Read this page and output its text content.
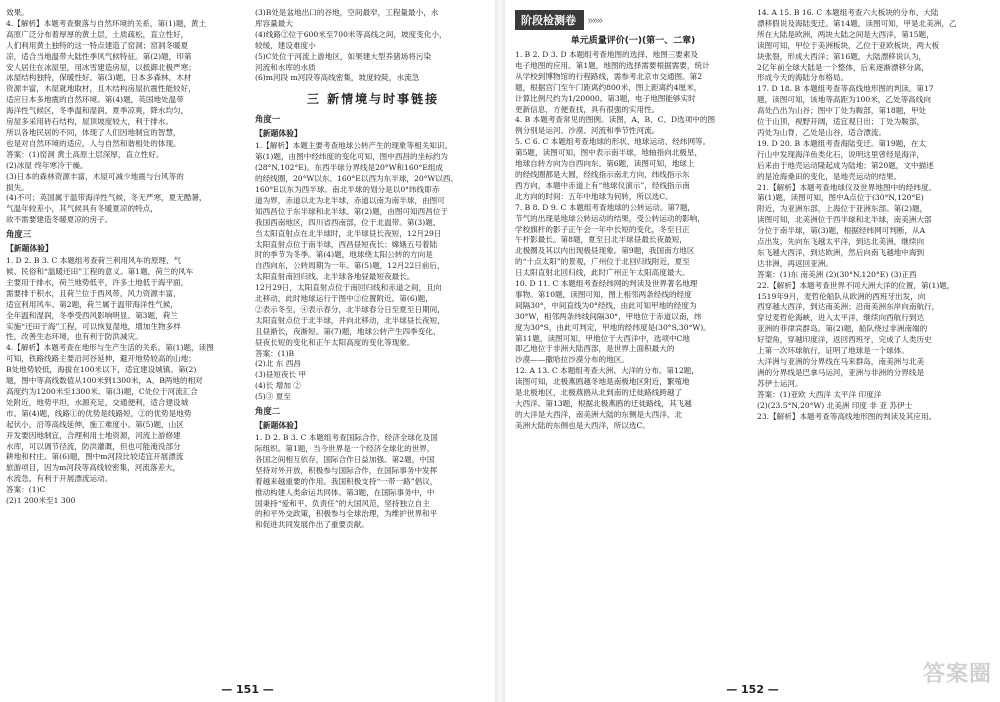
效果。
4.【解析】本题考查聚落与自然环境的关系，第(1)题，黄土
高原广泛分布着厚厚的黄土层，土质疏松，直立性好，
人们利用黄土独特的这一特点建造了窑洞；窑洞冬暖夏
凉，适合当地温带大陆性季风气候特征。第(2)题，印第
安人居住在冰屋里，用冰雪建造房屋，以抵御北极严寒；
冰屋结构独特，保暖性好。第(3)题，日本多森林，木材
资源丰富，木屋就地取材，且木结构房屋抗震性能较好，
适应日本多地震的自然环境。第(4)题，英国地处温带
海洋性气候区，冬季温和湿润，夏季凉爽，降水均匀，
房屋多采用砖石结构，屋顶坡度较大，利于排水。
所以各地民居的不同，体现了人们因地制宜的智慧，
也是对自然环境的适应，人与自然和谐相处的体现。
答案：(1)窑洞 黄土高原土层深厚，直立性好。
(2)冰屋 终年寒冷干燥。
(3)日本的森林资源丰富，木屋可减少地震与台风等的
损失。
(4)不可；英国属于温带海洋性气候，冬无严寒，夏无酷暑，
气温年较差小，其气候具有冬暖夏凉的特点，
故不需要建造冬暖夏凉的房子。
角度三
【新题体验】
1. D 2. B 3. C 本题组考查荷兰利用风车的原理、气
候、民俗和“温暖还田”工程的意义。第1题，荷兰的风车
主要用于排水，荷兰地势低平，许多土地低于海平面，
需要排干积水，且荷兰位于西风带，风力资源丰富，
适宜利用风车。第2题，荷兰属于温带海洋性气候，
全年温和湿润，冬季受西风影响明显。第3题，荷兰
实施“还田于海”工程，可以恢复湿地，增加生物多样
性，改善生态环境，也有利于防洪减灾。
4.【解析】本题考查在地形与生产生活的关系。第(1)题，读图
可知，铁路线路主要沿河谷延伸，避开地势较高的山地；
B处地势较低，海拔在100米以下，适宜建设城镇。第(2)
题，图中等高线数值从100米到1300米，A、B两地的相对
高度约为1200米至1300米。第(3)题，C处位于河流汇合
处附近，地势平坦，水源充足，交通便利，适合建设城
市。第(4)题，线路①的优势是线路短，②的优势是地势
起伏小，沿等高线延伸，施工难度小。第(5)题，山区
开发要因地制宜，合理利用土地资源，河流上游修建
水库，可以调节径流，防洪灌溉，但也可能淹没部分
耕地和村庄。第(6)题，图中m河段比较适宜开展漂流
旅游项目，因为m河段等高线较密集，河流落差大，
水流急，有利于开展漂流运动。
答案：(1)C
(2)1 200米至1 300
(3)B处是盆地出口的谷地，空间最窄，工程量最小，水
库容量最大
(4)线路②位于600米至700米等高线之间，坡度变化小，
较缓，建设难度小
(5)C处位于河流上游地区，如果建大型养猪场将污染
河流和水库的水质
(6)m河段 m河段等高线密集，坡度较陡，水流急
三 新情境与时事链接
角度一
【新题体验】
1.【解析】本题主要考查地球公转产生的现象等相关知识。
第(1)题，由图中经纬度的变化可知，图中西昌的坐标约为
(28°N,102°E)。东西半球分界线是20°W和160°E组成
的经线圈，20°W以东、160°E以西为东半球，20°W以西、
160°E以东为西半球。南北半球的划分是以0°纬线即赤
道为界，赤道以北为北半球，赤道以南为南半球，由图可
知西昌位于东半球和北半球。第(2)题，由图可知西昌位于
我国西南地区，四川省西南部，位于北温带。第(3)题，
当太阳直射点在北半球时，北半球昼长夜短，12月29日
太阳直射点位于南半球，西昌昼短夜长；嫦娥五号着陆
时的季节为冬季。第(4)题，地球绕太阳公转的方向是
自西向东，公转周期为一年。第(5)题，12月22日前后，
太阳直射南回归线，北半球各地昼最短夜最长。
12月29日，太阳直射点位于南回归线和赤道之间，且向
北移动，此时地球运行于图中②位置附近。第(6)题，
②表示冬至，④表示春分，北半球春分日至夏至日期间，
太阳直射点位于北半球，并向北移动，北半球昼长夜短，
且昼渐长，夜渐短。第(7)题，地球公转产生四季变化、
昼夜长短的变化和正午太阳高度的变化等现象。
答案：(1)B
(2)北 东 西昌
(3)昼短夜长 甲
(4)长 增加 ②
(5)③ 夏至
角度二
【新题体验】
1. D 2. B 3. C 本题组考查国际合作，经济全球化及国
际组织。第1题，当今世界是一个经济全球化的世界，
各国之间相互依存，国际合作日益加强。第2题，中国
坚持对外开放，积极参与国际合作，在国际事务中发挥
着越来越重要的作用。我国积极支持“一带一路”倡议，
推动构建人类命运共同体。第3题，在国际事务中，中
国秉持“爱和平、负责任”的大国风范，坚持独立自主
的和平外交政策，积极参与全球治理，为维护世界和平
和促进共同发展作出了重要贡献。
— 151 —
阶段检测卷	»»»
单元质量评价(一)(第一、二章)
1. B 2. D 3. D 本题组考查地图的选择、地图三要素及
电子地图的应用。第1题，地图的选择需要根据需要，统计
从学校到博物馆的行程路线，需参考北京市交通图。第2
题，根据宫门至午门距离约800米，图上距离约4厘米，
计算比例尺约为1/20000。第3题，电子地图能够实时
更新信息，方便查找，具有很强的实用性。
4. B 本题考查常见的图例。读图，A、B、C、D选项中的图
例分别是运河、沙漠、河流和季节性河流。
5. C 6. C 本题组考查地球的形状、地球运动、经纬网等。
第5题，读图可知，图中表示南半球，地轴指向北极星，
地球自转方向为自西向东。第6题，读图可知，地球上
的经线圈都是大圆，经线指示南北方向，纬线指示东
西方向，本题中赤道上有“地球仪演示”，经线指示南
北方向的时间：五年中地球为何转，所以选C。
7. B 8. D 9. C 本题组考查地球的公转运动。第7题，
节气的出现是地球公转运动的结果，受公转运动的影响，
学校旗杆的影子正午会一年中长短的变化，冬至日正
午杆影最长。第8题，夏至日北半球昼最长夜最短，
北极圈及其以内出现极昼现象。第9题，我国南方地区
的“十点太阳”的景观，广州位于北回归线附近，夏至
日太阳直射北回归线，此时广州正午太阳高度最大。
10. D 11. C 本题组考查经纬网的判读及世界著名地理
事物。第10题，读图可知，图上相邻两条经线的经度
间隔30°，中间直线为0°经线，由此可知甲地的经度为
30°W，相邻两条纬线间隔30°，甲地位于赤道以南，纬
度为30°S，由此可判定，甲地的经纬度是(30°S,30°W)。
第11题，读图可知，甲地位于大西洋中，选项中C地
即乙地位于非洲大陆西部，是世界上面积最大的
沙漠——撒哈拉沙漠分布的地区。
12. A 13. C 本题组考查大洲、大洋的分布。第12题，
读图可知，北极燕鸥越冬地是南极地区附近，繁殖地
是北极地区，北极燕鸥从北到南的迁徙路线跨越了
大西洋。第13题，根据北极燕鸥的迁徙路线，其飞越
的大洋是大西洋，南美洲大陆的东侧是大西洋，北
美洲大陆的东侧也是大西洋，所以选C。
14. A 15. B 16. C 本题组考查六大板块的分布、大陆
漂移假说及海陆变迁。第14题，读图可知，甲是北美洲，乙
所在大陆是欧洲，两块大陆之间是大西洋，第15题，
读图可知，甲位于美洲板块，乙位于亚欧板块，两大板
块张裂，形成大西洋；第16题，大陆漂移说认为，
2亿年前全球大陆是一个整体，后来逐渐漂移分离，
形成今天的海陆分布格局。
17. D 18. B 本题组考查等高线地形图的判读。第17
题，读图可知，该地等高距为100米，乙处等高线向
高处凸出为山谷；图中丁处为鞍部，第18题，甲处
位于山顶，视野开阔，适宜观日出；丁处为鞍部，
丙处为山脊，乙处是山谷，适合漂流。
19. D 20. B 本题组考查海陆变迁。第19题，在太
行山中发现海洋鱼类化石，说明这里曾经是海洋，
后来由于地壳运动隆起成为陆地；第20题，文中描述
的是沧海桑田的变化，是地壳运动的结果。
21.【解析】本题考查地球仪及世界地图中的经纬度。
第(1)题，读图可知，图中A点位于(30°N,120°E)
附近，为亚洲东部，上海位于亚洲东部。第(2)题，
读图可知，北美洲位于西半球和北半球，南美洲大部
分位于南半球，第(3)题，根据经纬网可判断，从A
点出发，先向东飞越太平洋，到达北美洲，继续向
东飞越大西洋，到达欧洲，然后向南飞越地中海到
达非洲，再返回亚洲。
答案：(1)东 南美洲 (2)(30°N,120°E) (3)正西
22.【解析】本题考查世界不同大洲大洋的位置，第(1)题，
1519年9月，麦哲伦船队从欧洲的西班牙出发，向
西穿越大西洋，到达南美洲；沿南美洲东岸向南航行，
穿过麦哲伦海峡，进入太平洋，继续向西航行到达
亚洲的菲律宾群岛。第(2)题，船队绕过非洲南端的
好望角，穿越印度洋，返回西班牙，完成了人类历史
上第一次环球航行，证明了地球是一个球体。
大洋洲与亚洲的分界线在马来群岛，南美洲与北美
洲的分界线是巴拿马运河，亚洲与非洲的分界线是
苏伊士运河。
答案：(1)亚欧 大西洋 太平洋 印度洋
(2)(23.5°N,20°W) 北美洲 印度 非 亚 苏伊士
23.【解析】本题考查等高线地形图的判读及其应用。
答案圈
— 152 —
